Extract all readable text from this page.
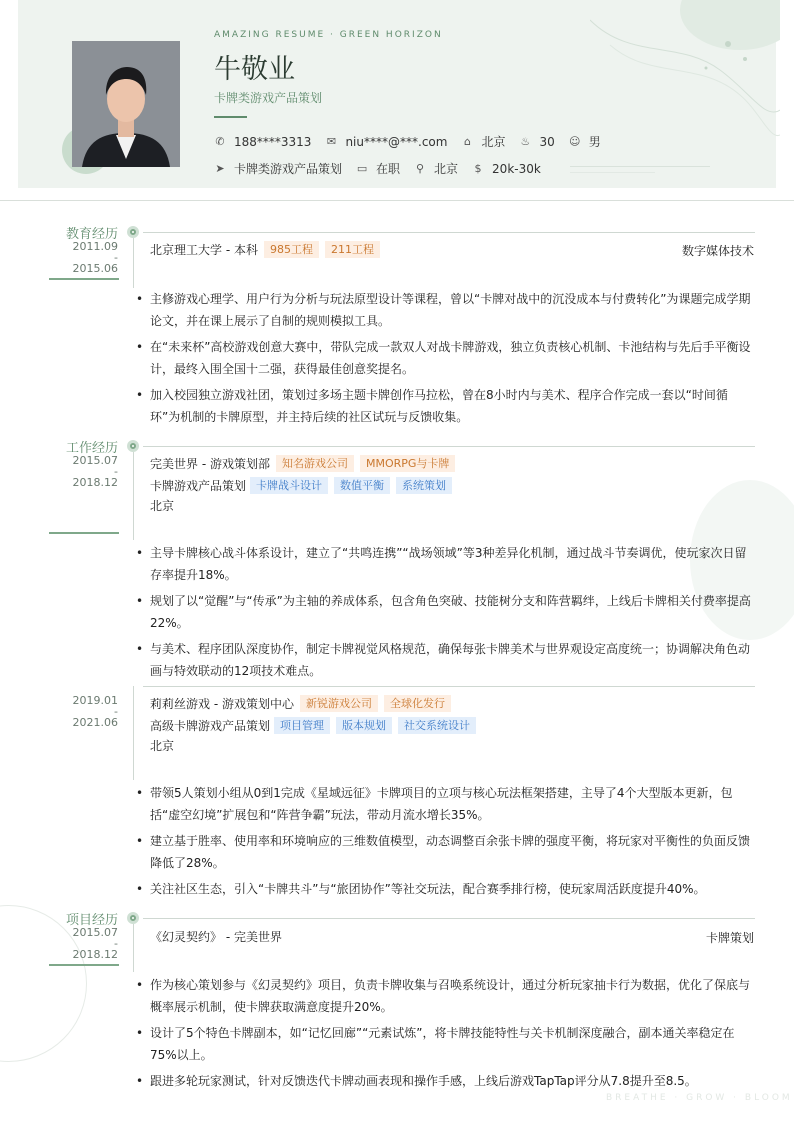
AMAZING RESUME · GREEN HORIZON
牛敬业
卡牌类游戏产品策划
✆ 188****3313 ✉ niu****@***.com ⌂ 北京 ♨ 30 ☺ 男
➤ 卡牌类游戏产品策划 ▭ 在职 ⚲ 北京 $ 20k-30k
教育经历
2011.09
-
2015.06
北京理工大学 - 本科	985工程	211工程	数字媒体技术

• 主修游戏心理学、用户行为分析与玩法原型设计等课程，曾以“卡牌对战中的沉没成本与付费转化”为课题完成学期论文，并在课上展示了自制的规则模拟工具。

• 在“未来杯”高校游戏创意大赛中，带队完成一款双人对战卡牌游戏，独立负责核心机制、卡池结构与先后手平衡设计，最终入围全国十二强，获得最佳创意奖提名。

• 加入校园独立游戏社团，策划过多场主题卡牌创作马拉松，曾在8小时内与美术、程序合作完成一套以“时间循环”为机制的卡牌原型，并主持后续的社区试玩与反馈收集。

工作经历
2015.07
-
2018.12
完美世界 - 游戏策划部	知名游戏公司	MMORPG与卡牌
卡牌游戏产品策划 卡牌战斗设计	数值平衡	系统策划
北京

• 主导卡牌核心战斗体系设计，建立了“共鸣连携”“战场领域”等3种差异化机制，通过战斗节奏调优，使玩家次日留存率提升18%。

• 规划了以“觉醒”与“传承”为主轴的养成体系，包含角色突破、技能树分支和阵营羁绊，上线后卡牌相关付费率提高22%。

• 与美术、程序团队深度协作，制定卡牌视觉风格规范，确保每张卡牌美术与世界观设定高度统一；协调解决角色动画与特效联动的12项技术难点。

2019.01
-
2021.06
莉莉丝游戏 - 游戏策划中心	新锐游戏公司	全球化发行
高级卡牌游戏产品策划 项目管理	版本规划	社交系统设计
北京

• 带领5人策划小组从0到1完成《星域远征》卡牌项目的立项与核心玩法框架搭建，主导了4个大型版本更新，包括“虚空幻境”扩展包和“阵营争霸”玩法，带动月流水增长35%。

• 建立基于胜率、使用率和环境响应的三维数值模型，动态调整百余张卡牌的强度平衡，将玩家对平衡性的负面反馈降低了28%。

• 关注社区生态，引入“卡牌共斗”与“旅团协作”等社交玩法，配合赛季排行榜，使玩家周活跃度提升40%。

项目经历
2015.07
-
2018.12
《幻灵契约》 - 完美世界	卡牌策划

• 作为核心策划参与《幻灵契约》项目，负责卡牌收集与召唤系统设计，通过分析玩家抽卡行为数据，优化了保底与概率展示机制，使卡牌获取满意度提升20%。

• 设计了5个特色卡牌副本，如“记忆回廊”“元素试炼”，将卡牌技能特性与关卡机制深度融合，副本通关率稳定在75%以上。

• 跟进多轮玩家测试，针对反馈迭代卡牌动画表现和操作手感，上线后游戏TapTap评分从7.8提升至8.5。

BREATHE · GROW · BLOOM
